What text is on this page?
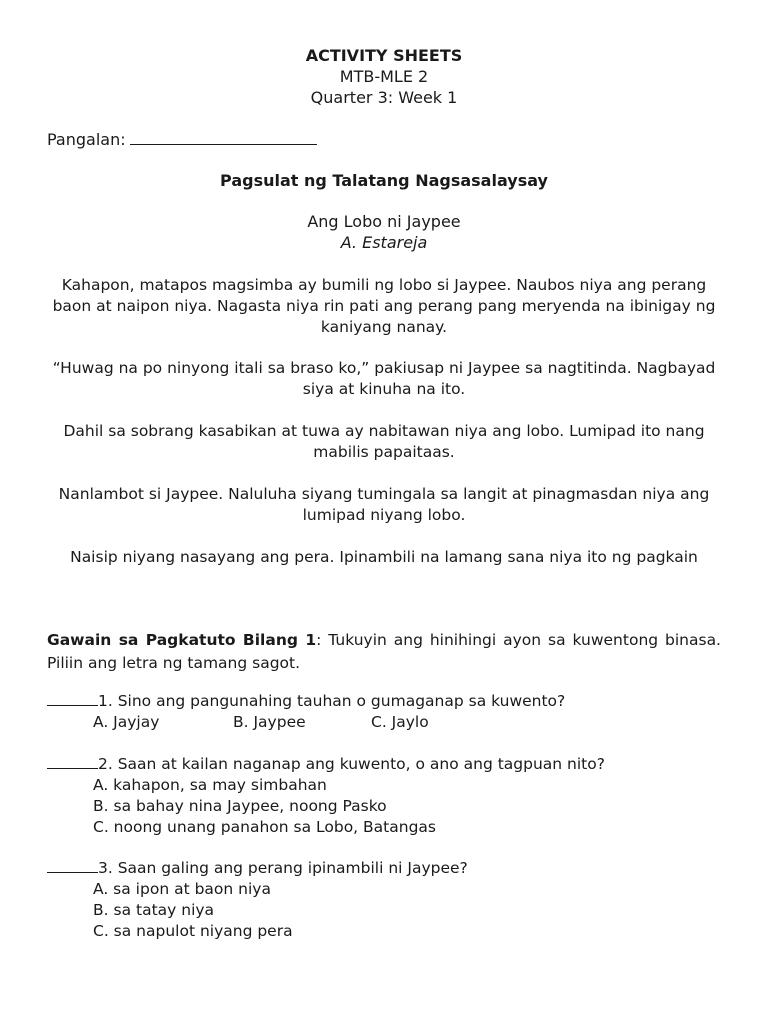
ACTIVITY SHEETS
MTB-MLE 2
Quarter 3: Week 1
Pangalan:
Pagsulat ng Talatang Nagsasalaysay
Ang Lobo ni Jaypee
A. Estareja
Kahapon, matapos magsimba ay bumili ng lobo si Jaypee. Naubos niya ang perang baon at naipon niya. Nagasta niya rin pati ang perang pang meryenda na ibinigay ng kaniyang nanay.
“Huwag na po ninyong itali sa braso ko,” pakiusap ni Jaypee sa nagtitinda. Nagbayad siya at kinuha na ito.
Dahil sa sobrang kasabikan at tuwa ay nabitawan niya ang lobo. Lumipad ito nang mabilis papaitaas.
Nanlambot si Jaypee. Naluluha siyang tumingala sa langit at pinagmasdan niya ang lumipad niyang lobo.
Naisip niyang nasayang ang pera. Ipinambili na lamang sana niya ito ng pagkain
Gawain sa Pagkatuto Bilang 1: Tukuyin ang hinihingi ayon sa kuwentong binasa. Piliin ang letra ng tamang sagot.
1. Sino ang pangunahing tauhan o gumaganap sa kuwento?
A. Jayjay	B. Jaypee	C. Jaylo
2. Saan at kailan naganap ang kuwento, o ano ang tagpuan nito?
A. kahapon, sa may simbahan
B. sa bahay nina Jaypee, noong Pasko
C. noong unang panahon sa Lobo, Batangas
3. Saan galing ang perang ipinambili ni Jaypee?
A. sa ipon at baon niya
B. sa tatay niya
C. sa napulot niyang pera
